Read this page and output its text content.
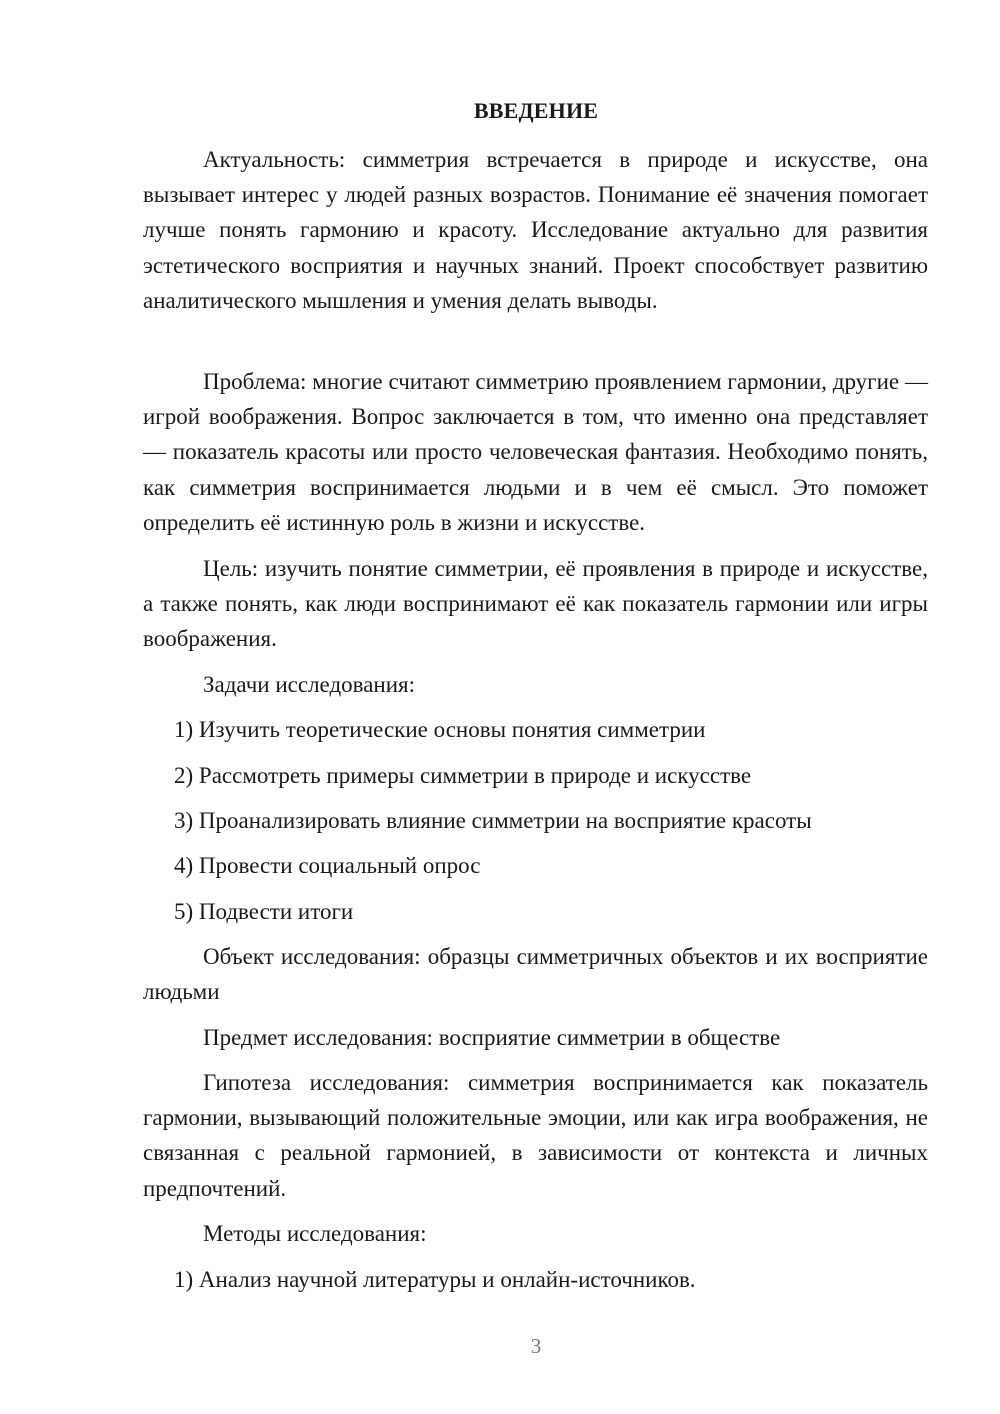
ВВЕДЕНИЕ

Актуальность: симметрия встречается в природе и искусстве, она вызывает интерес у людей разных возрастов. Понимание её значения помогает лучше понять гармонию и красоту. Исследование актуально для развития эстетического восприятия и научных знаний. Проект способствует развитию аналитического мышления и умения делать выводы.

Проблема: многие считают симметрию проявлением гармонии, другие — игрой воображения. Вопрос заключается в том, что именно она представляет — показатель красоты или просто человеческая фантазия. Необходимо понять, как симметрия воспринимается людьми и в чем её смысл. Это поможет определить её истинную роль в жизни и искусстве.

Цель: изучить понятие симметрии, её проявления в природе и искусстве, а также понять, как люди воспринимают её как показатель гармонии или игры воображения.

Задачи исследования:

1) Изучить теоретические основы понятия симметрии

2) Рассмотреть примеры симметрии в природе и искусстве

3) Проанализировать влияние симметрии на восприятие красоты

4) Провести социальный опрос

5) Подвести итоги

Объект исследования: образцы симметричных объектов и их восприятие людьми

Предмет исследования: восприятие симметрии в обществе

Гипотеза исследования: симметрия воспринимается как показатель гармонии, вызывающий положительные эмоции, или как игра воображения, не связанная с реальной гармонией, в зависимости от контекста и личных предпочтений.

Методы исследования:

1) Анализ научной литературы и онлайн-источников.

3
